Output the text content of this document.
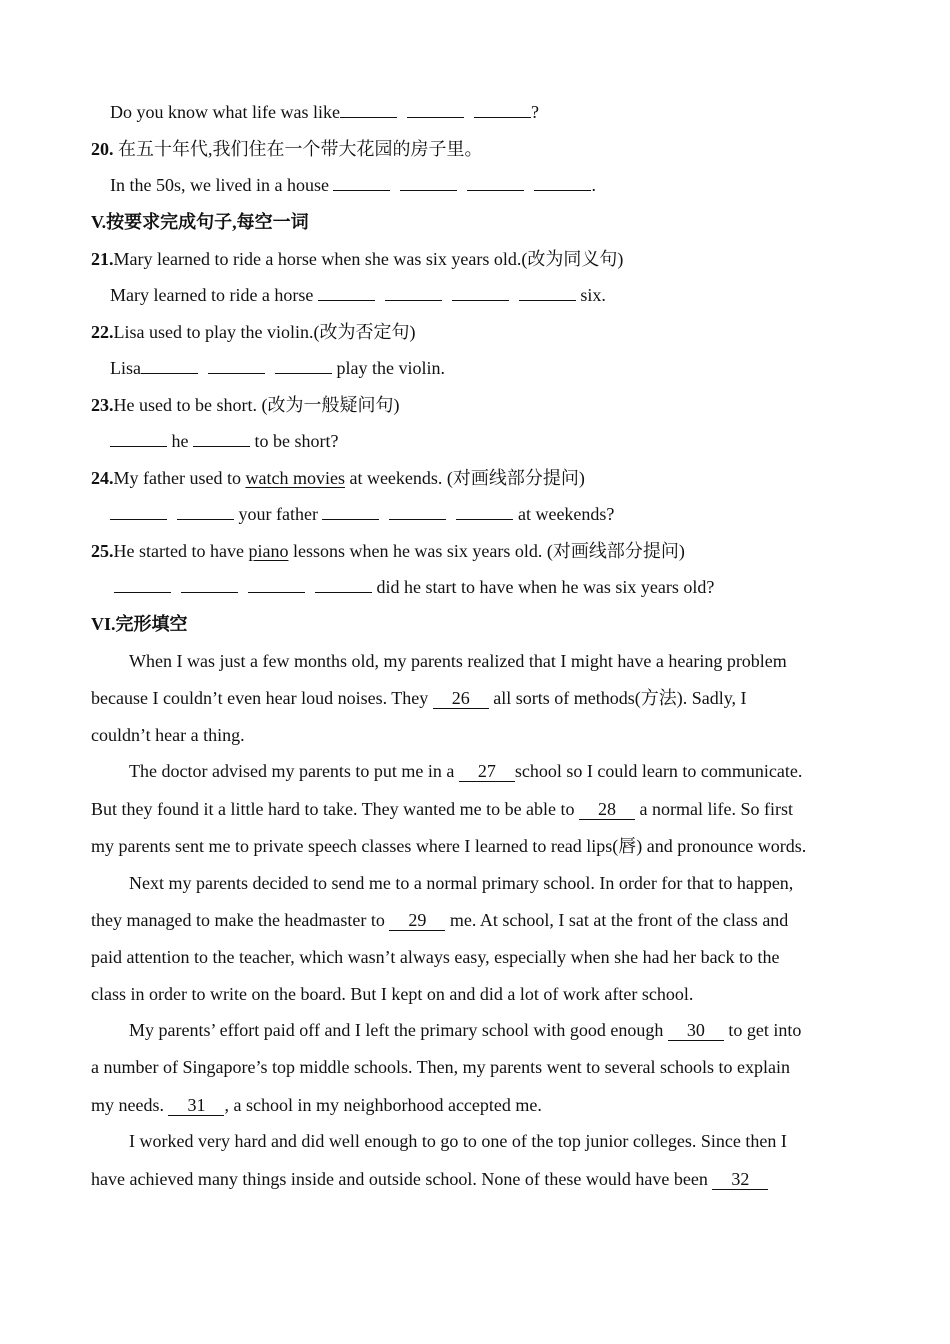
Do you know what life was like	?
20. 在五十年代,我们住在一个带大花园的房子里。
In the 50s, we lived in a house	.
V.按要求完成句子,每空一词
21.Mary learned to ride a horse when she was six years old.(改为同义句)
Mary learned to ride a horse	six.
22.Lisa used to play the violin.(改为否定句)
Lisa	play the violin.
23.He used to be short. (改为一般疑问句)
he	to be short?
24.My father used to watch movies at weekends. (对画线部分提问)
your father	at weekends?
25.He started to have piano lessons when he was six years old. (对画线部分提问)
did he start to have when he was six years old?
VI.完形填空
When I was just a few months old, my parents realized that I might have a hearing problem
because I couldn’t even hear loud noises. They 26 all sorts of methods(方法). Sadly, I
couldn’t hear a thing.
The doctor advised my parents to put me in a 27 school so I could learn to communicate.
But they found it a little hard to take. They wanted me to be able to 28 a normal life. So first
my parents sent me to private speech classes where I learned to read lips(唇) and pronounce words.
Next my parents decided to send me to a normal primary school. In order for that to happen,
they managed to make the headmaster to 29 me. At school, I sat at the front of the class and
paid attention to the teacher, which wasn’t always easy, especially when she had her back to the
class in order to write on the board. But I kept on and did a lot of work after school.
My parents’ effort paid off and I left the primary school with good enough 30 to get into
a number of Singapore’s top middle schools. Then, my parents went to several schools to explain
my needs. 31 , a school in my neighborhood accepted me.
I worked very hard and did well enough to go to one of the top junior colleges. Since then I
have achieved many things inside and outside school. None of these would have been 32
